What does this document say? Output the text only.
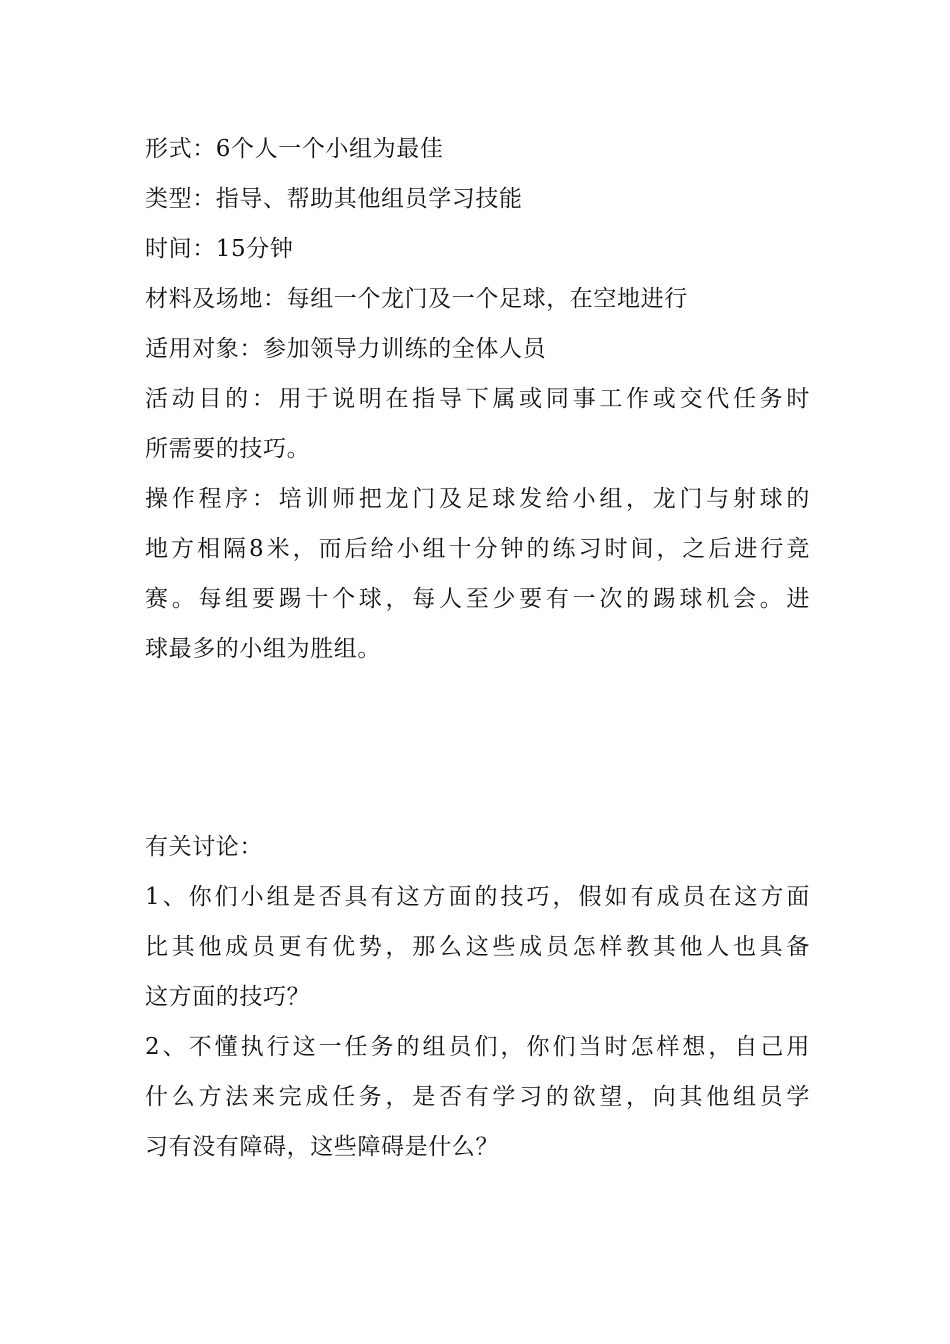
形式：6个人一个小组为最佳
类型：指导、帮助其他组员学习技能
时间：15分钟
材料及场地：每组一个龙门及一个足球，在空地进行
适用对象：参加领导力训练的全体人员
活动目的：用于说明在指导下属或同事工作或交代任务时
所需要的技巧。
操作程序：培训师把龙门及足球发给小组，龙门与射球的
地方相隔8米，而后给小组十分钟的练习时间，之后进行竞
赛。每组要踢十个球，每人至少要有一次的踢球机会。进
球最多的小组为胜组。
有关讨论：
1、你们小组是否具有这方面的技巧，假如有成员在这方面
比其他成员更有优势，那么这些成员怎样教其他人也具备
这方面的技巧？
2、不懂执行这一任务的组员们，你们当时怎样想，自己用
什么方法来完成任务，是否有学习的欲望，向其他组员学
习有没有障碍，这些障碍是什么？
